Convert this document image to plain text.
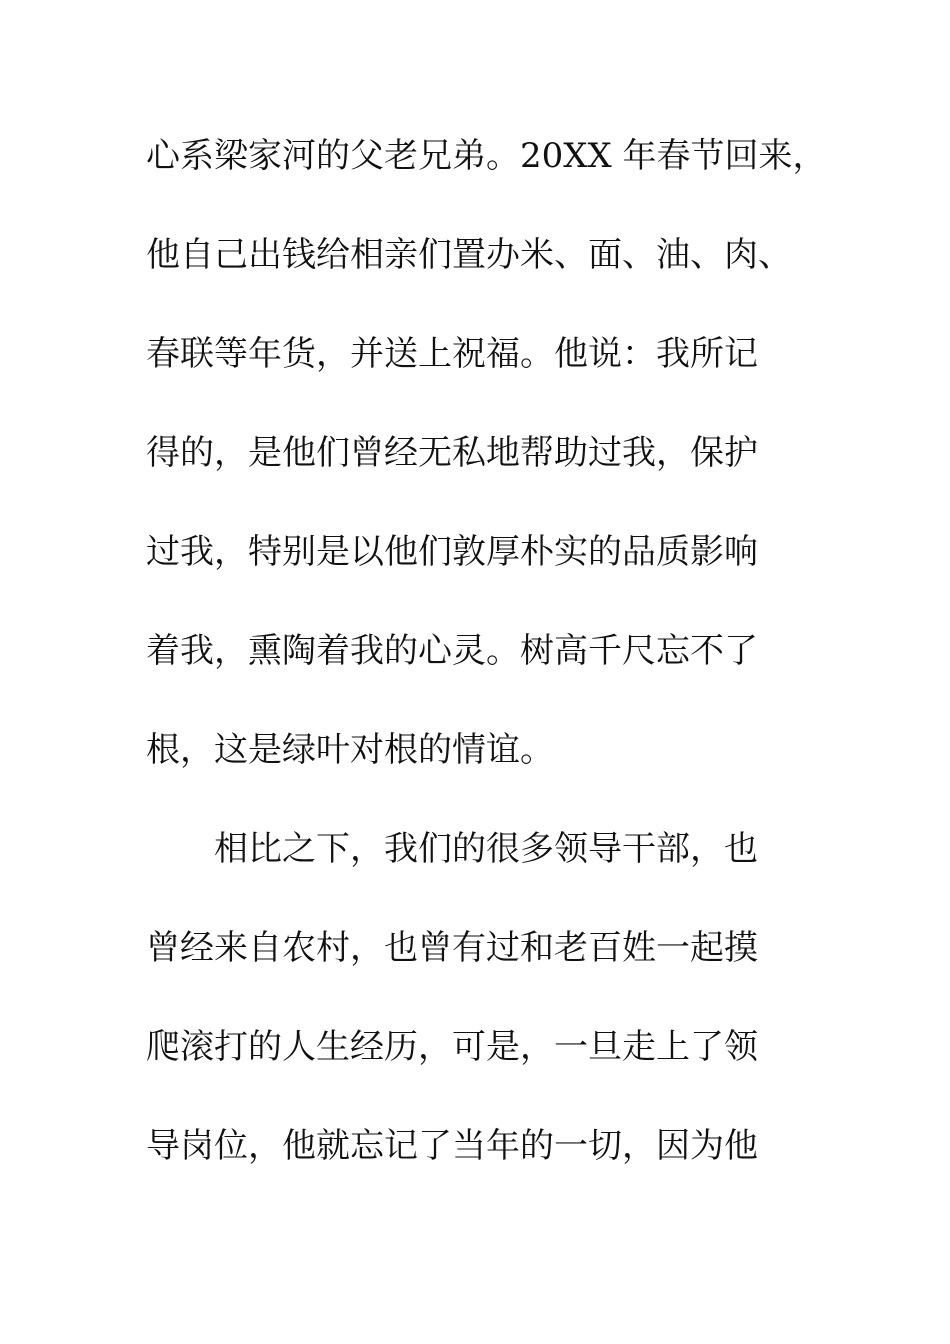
心系梁家河的父老兄弟。20XX 年春节回来，

他自己出钱给相亲们置办米、面、油、肉、

春联等年货，并送上祝福。他说：我所记

得的，是他们曾经无私地帮助过我，保护

过我，特别是以他们敦厚朴实的品质影响

着我，熏陶着我的心灵。树高千尺忘不了

根，这是绿叶对根的情谊。

相比之下，我们的很多领导干部，也

曾经来自农村，也曾有过和老百姓一起摸

爬滚打的人生经历，可是，一旦走上了领

导岗位，他就忘记了当年的一切，因为他
